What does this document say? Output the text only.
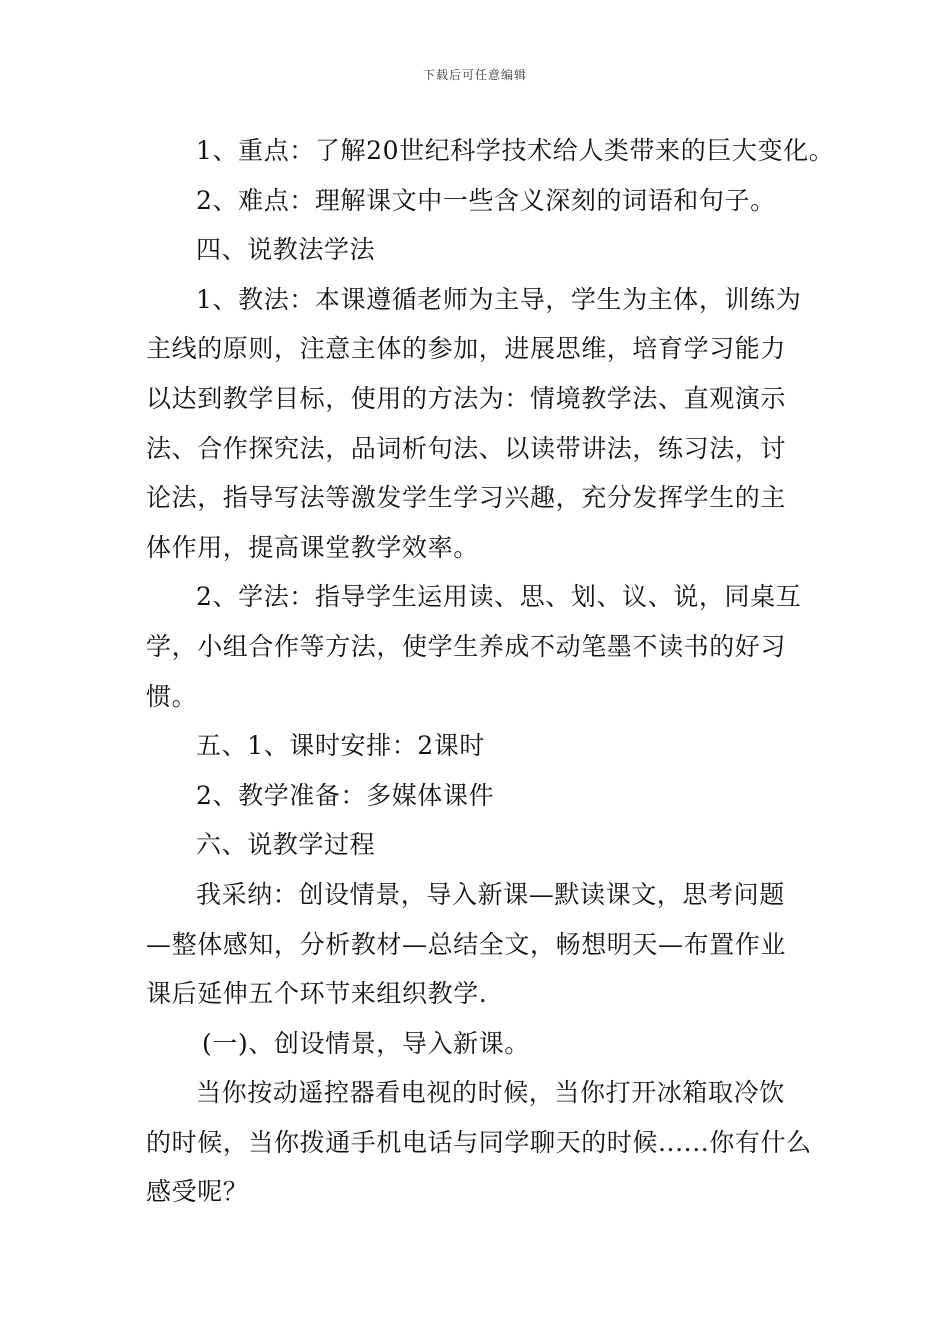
下载后可任意编辑

1、重点：了解20世纪科学技术给人类带来的巨大变化。

2、难点：理解课文中一些含义深刻的词语和句子。

四、说教法学法

1、教法：本课遵循老师为主导，学生为主体，训练为

主线的原则，注意主体的参加，进展思维，培育学习能力

以达到教学目标，使用的方法为：情境教学法、直观演示

法、合作探究法，品词析句法、以读带讲法，练习法，讨

论法，指导写法等激发学生学习兴趣，充分发挥学生的主

体作用，提高课堂教学效率。

2、学法：指导学生运用读、思、划、议、说，同桌互

学，小组合作等方法，使学生养成不动笔墨不读书的好习

惯。

五、1、课时安排：2课时

2、教学准备：多媒体课件

六、说教学过程

我采纳：创设情景，导入新课—默读课文，思考问题

—整体感知，分析教材—总结全文，畅想明天—布置作业

课后延伸五个环节来组织教学.

(一)、创设情景，导入新课。

当你按动遥控器看电视的时候，当你打开冰箱取冷饮

的时候，当你拨通手机电话与同学聊天的时候......你有什么

感受呢？
